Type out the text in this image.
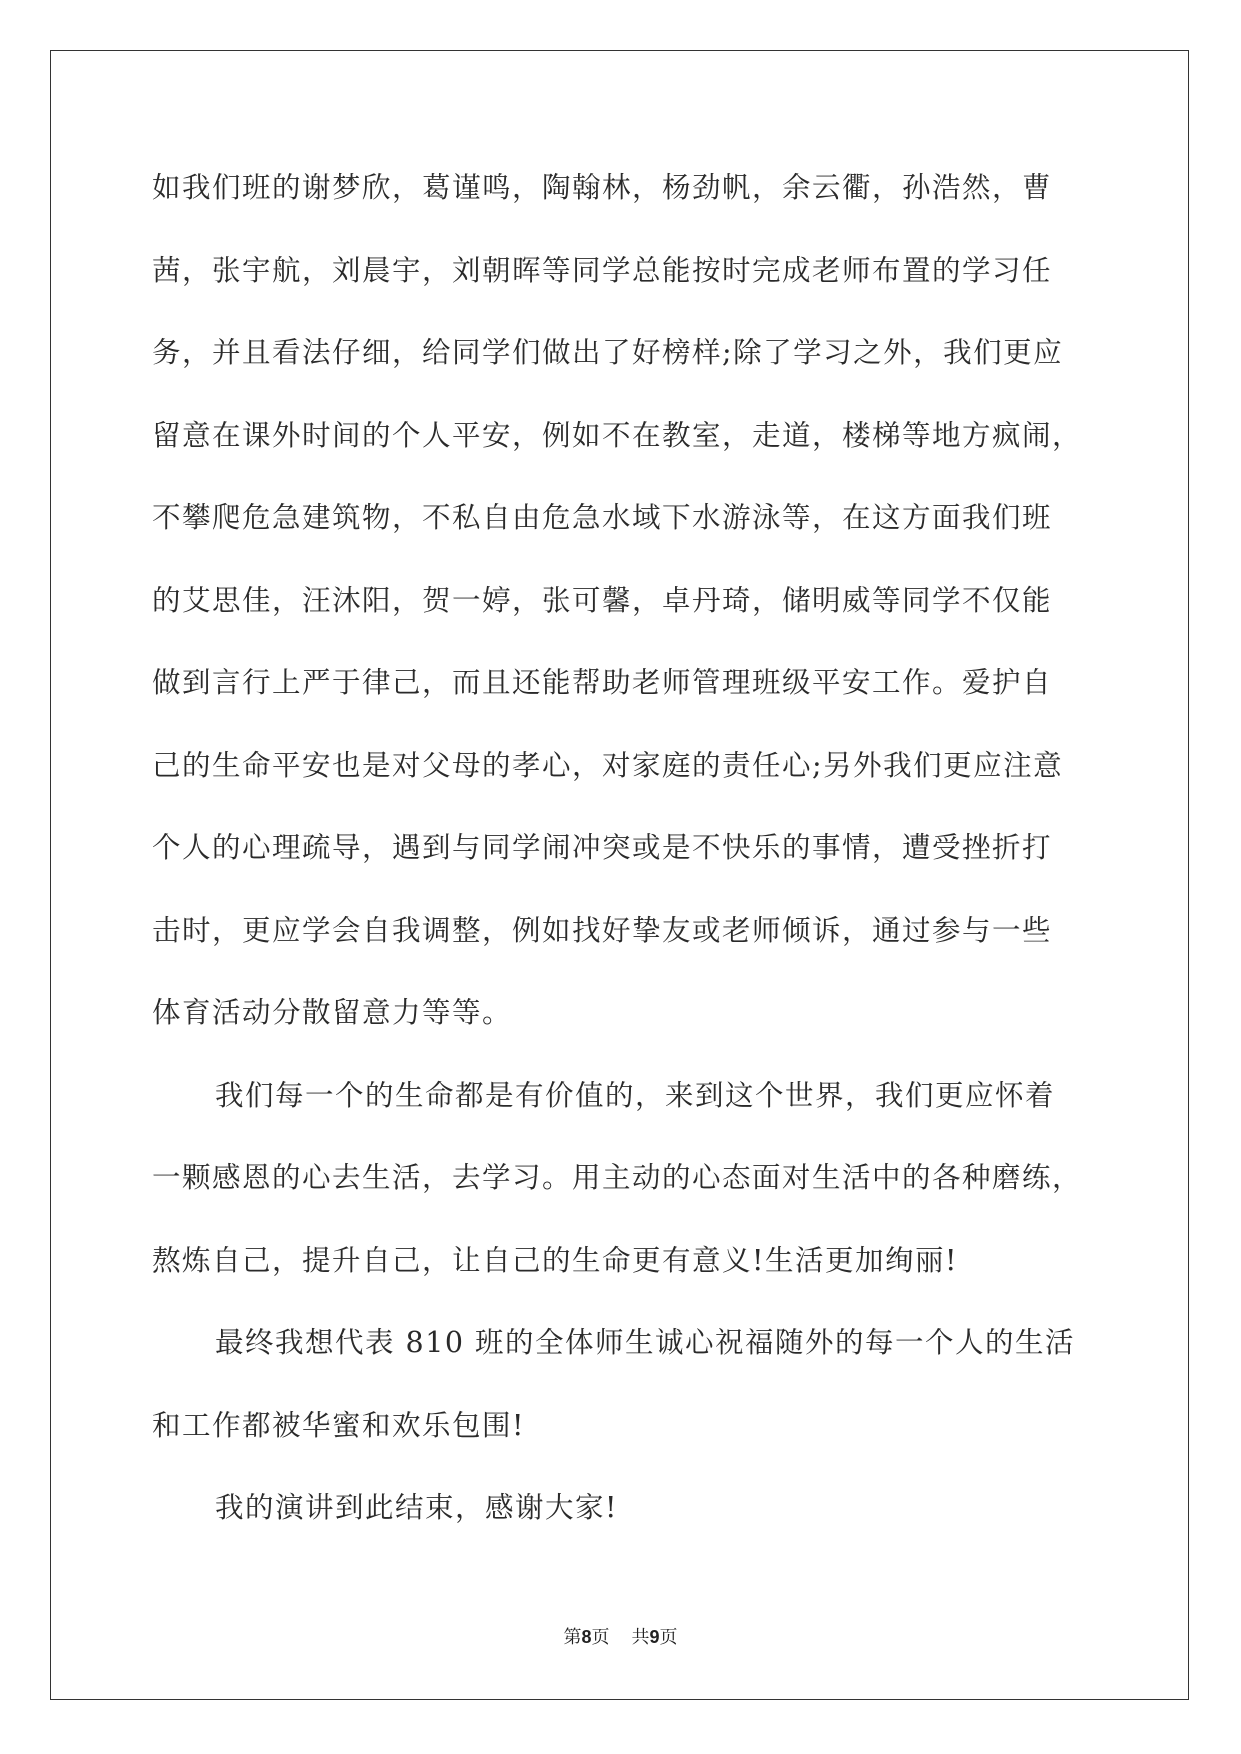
如我们班的谢梦欣，葛谨鸣，陶翰林，杨劲帆，余云衢，孙浩然，曹
茜，张宇航，刘晨宇，刘朝晖等同学总能按时完成老师布置的学习任
务，并且看法仔细，给同学们做出了好榜样;除了学习之外，我们更应
留意在课外时间的个人平安，例如不在教室，走道，楼梯等地方疯闹，
不攀爬危急建筑物，不私自由危急水域下水游泳等，在这方面我们班
的艾思佳，汪沐阳，贺一婷，张可馨，卓丹琦，储明威等同学不仅能
做到言行上严于律己，而且还能帮助老师管理班级平安工作。爱护自
己的生命平安也是对父母的孝心，对家庭的责任心;另外我们更应注意
个人的心理疏导，遇到与同学闹冲突或是不快乐的事情，遭受挫折打
击时，更应学会自我调整，例如找好挚友或老师倾诉，通过参与一些
体育活动分散留意力等等。
我们每一个的生命都是有价值的，来到这个世界，我们更应怀着
一颗感恩的心去生活，去学习。用主动的心态面对生活中的各种磨练，
熬炼自己，提升自己，让自己的生命更有意义!生活更加绚丽!
最终我想代表 810 班的全体师生诚心祝福随外的每一个人的生活
和工作都被华蜜和欢乐包围!
我的演讲到此结束，感谢大家!
第8页 共9页
